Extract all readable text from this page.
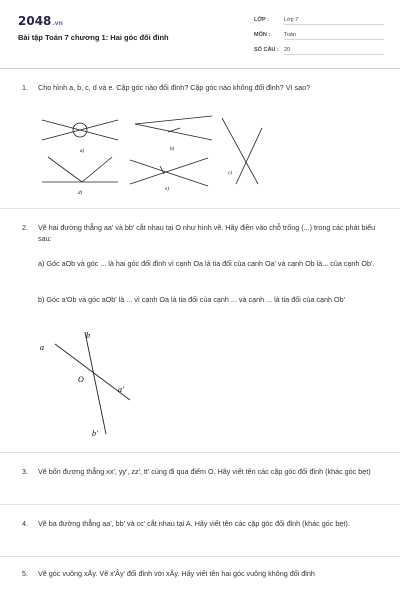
2048.vn
Bài tập Toán 7 chương 1: Hai góc đối đỉnh
LỚP :	Lớp 7
MÔN :	Toán
SỐ CÂU : 20
1. Cho hình a, b, c, d và e. Cặp góc nào đối đỉnh? Cặp góc nào không đối đỉnh? Vì sao?
a)	b)
c)
d)
e)
2. Vẽ hai đường thẳng aa' và bb' cắt nhau tại O như hình vẽ. Hãy điền vào chỗ trống (...) trong các phát biểu sau:
a) Góc aOb và góc ... là hai góc đối đỉnh vì cạnh Oa là tia đối của cạnh Oa' và cạnh Ob là... của cạnh Ob'.
b) Góc a'Ob và góc aOb' là ... vì cạnh Oa là tia đối của cạnh ... và cạnh ... là tia đối của cạnh Ob'
a
b
O
a'
b'
3. Vẽ bốn đương thẳng xx', yy', zz', tt' cùng đi qua điểm O. Hãy viết tên các cặp góc đối đỉnh (khác góc bẹt)
4. Vẽ ba đường thẳng aa', bb' và cc' cắt nhau tại A. Hãy viết tên các cặp góc đối đỉnh (khác góc bẹt).
5. Vẽ góc vuông xÂy. Vẽ x'Ây' đối đỉnh với xÂy. Hãy viết tên hai góc vuông không đối đỉnh
